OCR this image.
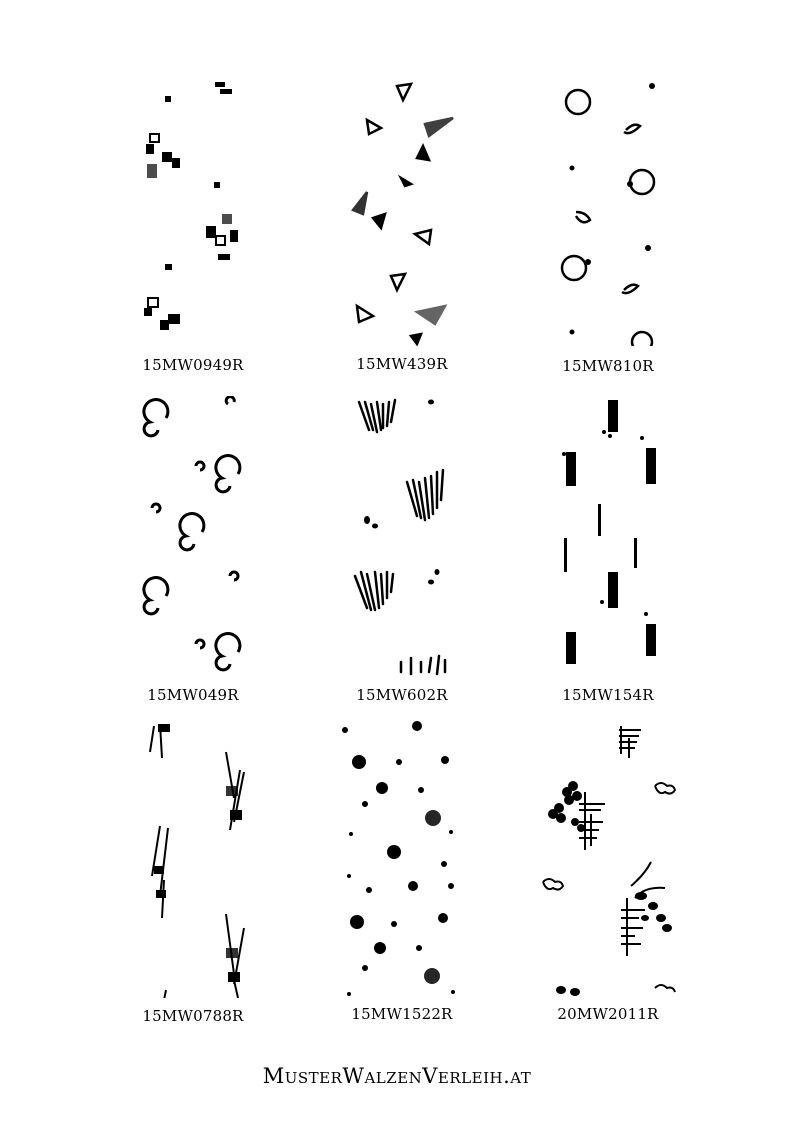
15MW0949R	15MW439R	15MW810R
15MW049R	15MW602R	15MW154R
15MW0788R	15MW1522R	20MW2011R
MusterWalzenVerleih.at
